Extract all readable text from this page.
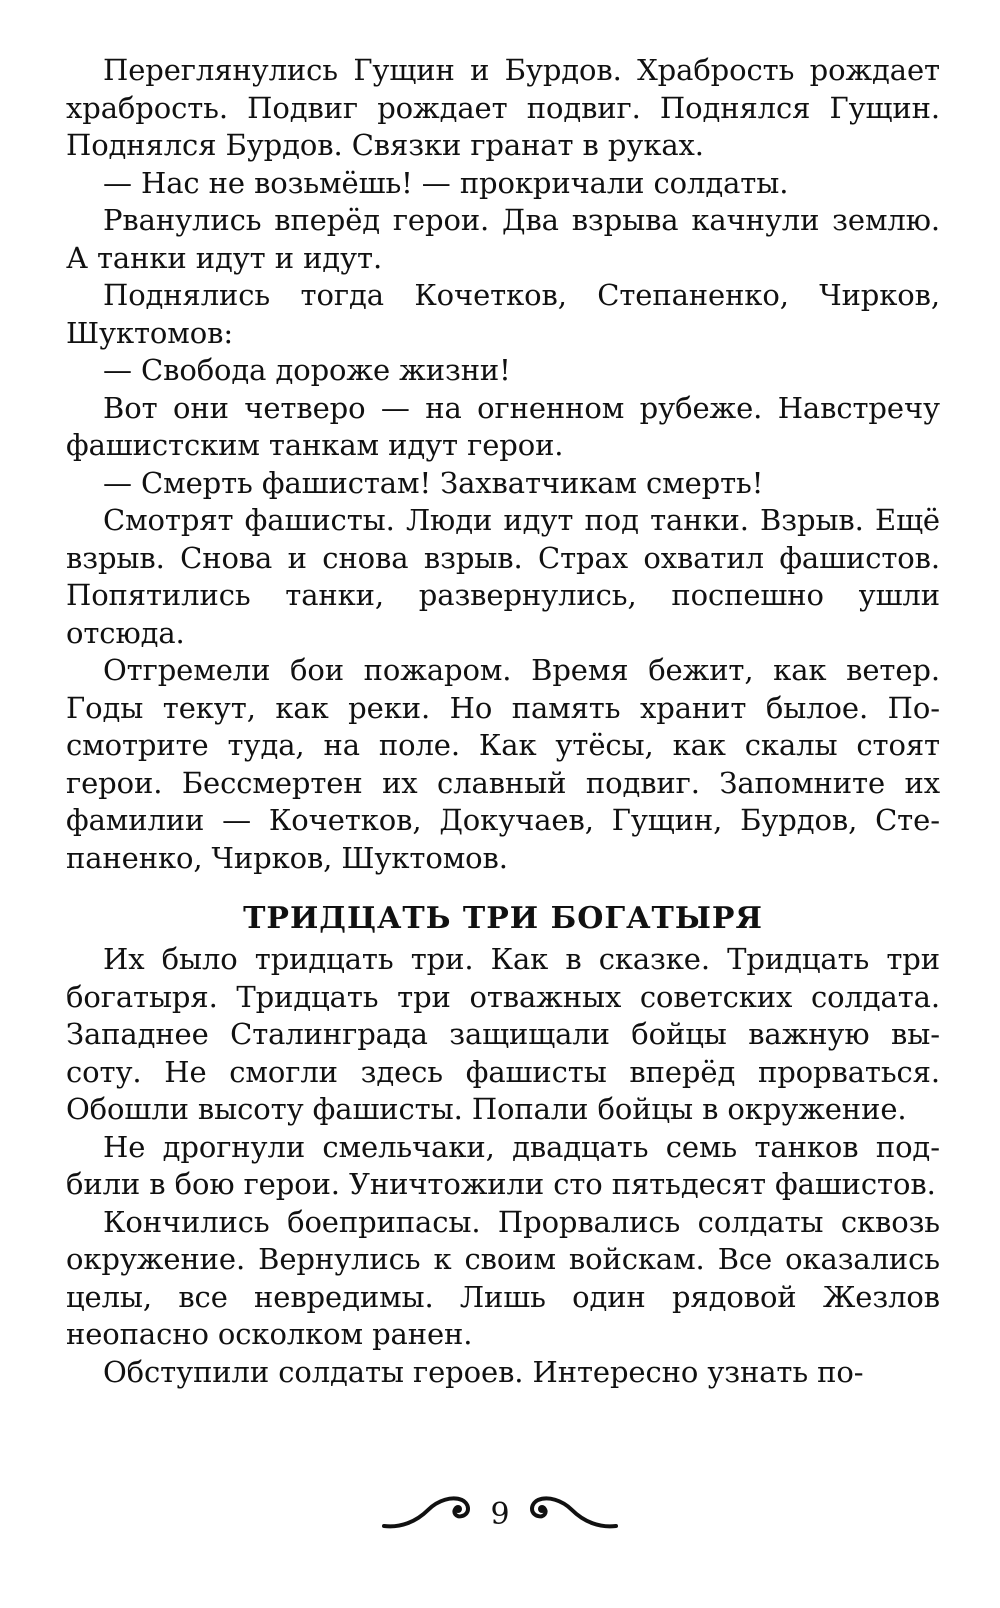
Переглянулись Гущин и Бурдов. Храбрость рождает храбрость. Подвиг рождает подвиг. Поднялся Гущин. Поднялся Бурдов. Связки гранат в руках.

— Нас не возьмёшь! — прокричали солдаты.

Рванулись вперёд герои. Два взрыва качнули землю. А танки идут и идут.

Поднялись тогда Кочетков, Степаненко, Чирков, Шуктомов:

— Свобода дороже жизни!

Вот они четверо — на огненном рубеже. Навстречу фашистским танкам идут герои.

— Смерть фашистам! Захватчикам смерть!

Смотрят фашисты. Люди идут под танки. Взрыв. Ещё взрыв. Снова и снова взрыв. Страх охватил фашистов. Попятились танки, развернулись, поспешно ушли отсюда.

Отгремели бои пожаром. Время бежит, как ветер. Годы текут, как реки. Но память хранит былое. Посмотрите туда, на поле. Как утёсы, как скалы стоят герои. Бессмертен их славный подвиг. Запомните их фамилии — Кочетков, Докучаев, Гущин, Бурдов, Степаненко, Чирков, Шуктомов.

ТРИДЦАТЬ ТРИ БОГАТЫРЯ

Их было тридцать три. Как в сказке. Тридцать три богатыря. Тридцать три отважных советских солдата. Западнее Сталинграда защищали бойцы важную высоту. Не смогли здесь фашисты вперёд прорваться. Обошли высоту фашисты. Попали бойцы в окружение.

Не дрогнули смельчаки, двадцать семь танков подбили в бою герои. Уничтожили сто пятьдесят фашистов.

Кончились боеприпасы. Прорвались солдаты сквозь окружение. Вернулись к своим войскам. Все оказались целы, все невредимы. Лишь один рядовой Жезлов неопасно осколком ранен.

Обступили солдаты героев. Интересно узнать по-

9
